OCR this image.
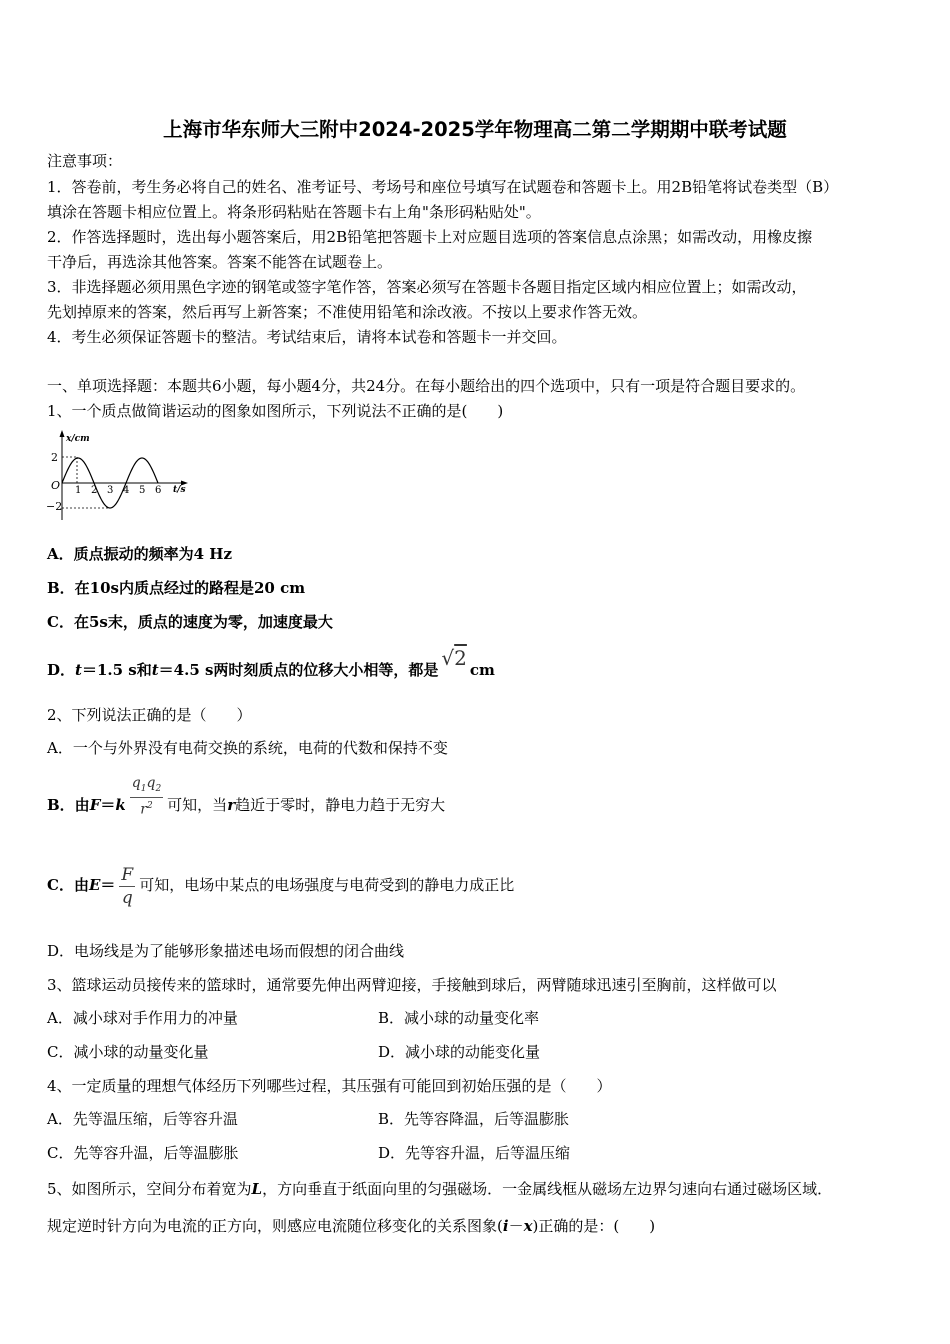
上海市华东师大三附中2024-2025学年物理高二第二学期期中联考试题
注意事项：
1．答卷前，考生务必将自己的姓名、准考证号、考场号和座位号填写在试题卷和答题卡上。用2B铅笔将试卷类型（B）
填涂在答题卡相应位置上。将条形码粘贴在答题卡右上角"条形码粘贴处"。
2．作答选择题时，选出每小题答案后，用2B铅笔把答题卡上对应题目选项的答案信息点涂黑；如需改动，用橡皮擦
干净后，再选涂其他答案。答案不能答在试题卷上。
3．非选择题必须用黑色字迹的钢笔或签字笔作答，答案必须写在答题卡各题目指定区域内相应位置上；如需改动，
先划掉原来的答案，然后再写上新答案；不准使用铅笔和涂改液。不按以上要求作答无效。
4．考生必须保证答题卡的整洁。考试结束后，请将本试卷和答题卡一并交回。
一、单项选择题：本题共6小题，每小题4分，共24分。在每小题给出的四个选项中，只有一项是符合题目要求的。
1、一个质点做简谐运动的图象如图所示，下列说法不正确的是(　　)
x/cm
t/s
O
2
−2
1 2 3 4 5 6
A．质点振动的频率为4 Hz
B．在10s内质点经过的路程是20 cm
C．在5s末，质点的速度为零，加速度最大
D．t＝1.5 s和t＝4.5 s两时刻质点的位移大小相等，都是 √2 cm
2、下列说法正确的是（　　）
A．一个与外界没有电荷交换的系统，电荷的代数和保持不变
B．由$F=k \frac{q_1q_2}{r^2}$ 可知，当r趋近于零时，静电力趋于无穷大
C．由$E= \frac{F}{q}$ 可知，电场中某点的电场强度与电荷受到的静电力成正比
D．电场线是为了能够形象描述电场而假想的闭合曲线
3、篮球运动员接传来的篮球时，通常要先伸出两臂迎接，手接触到球后，两臂随球迅速引至胸前，这样做可以
A．减小球对手作用力的冲量	B．减小球的动量变化率
C．减小球的动量变化量	D．减小球的动能变化量
4、一定质量的理想气体经历下列哪些过程，其压强有可能回到初始压强的是（　　）
A．先等温压缩，后等容升温	B．先等容降温，后等温膨胀
C．先等容升温，后等温膨胀	D．先等容升温，后等温压缩
5、如图所示，空间分布着宽为L，方向垂直于纸面向里的匀强磁场．一金属线框从磁场左边界匀速向右通过磁场区域．
规定逆时针方向为电流的正方向，则感应电流随位移变化的关系图象(i－x)正确的是：(　　)
